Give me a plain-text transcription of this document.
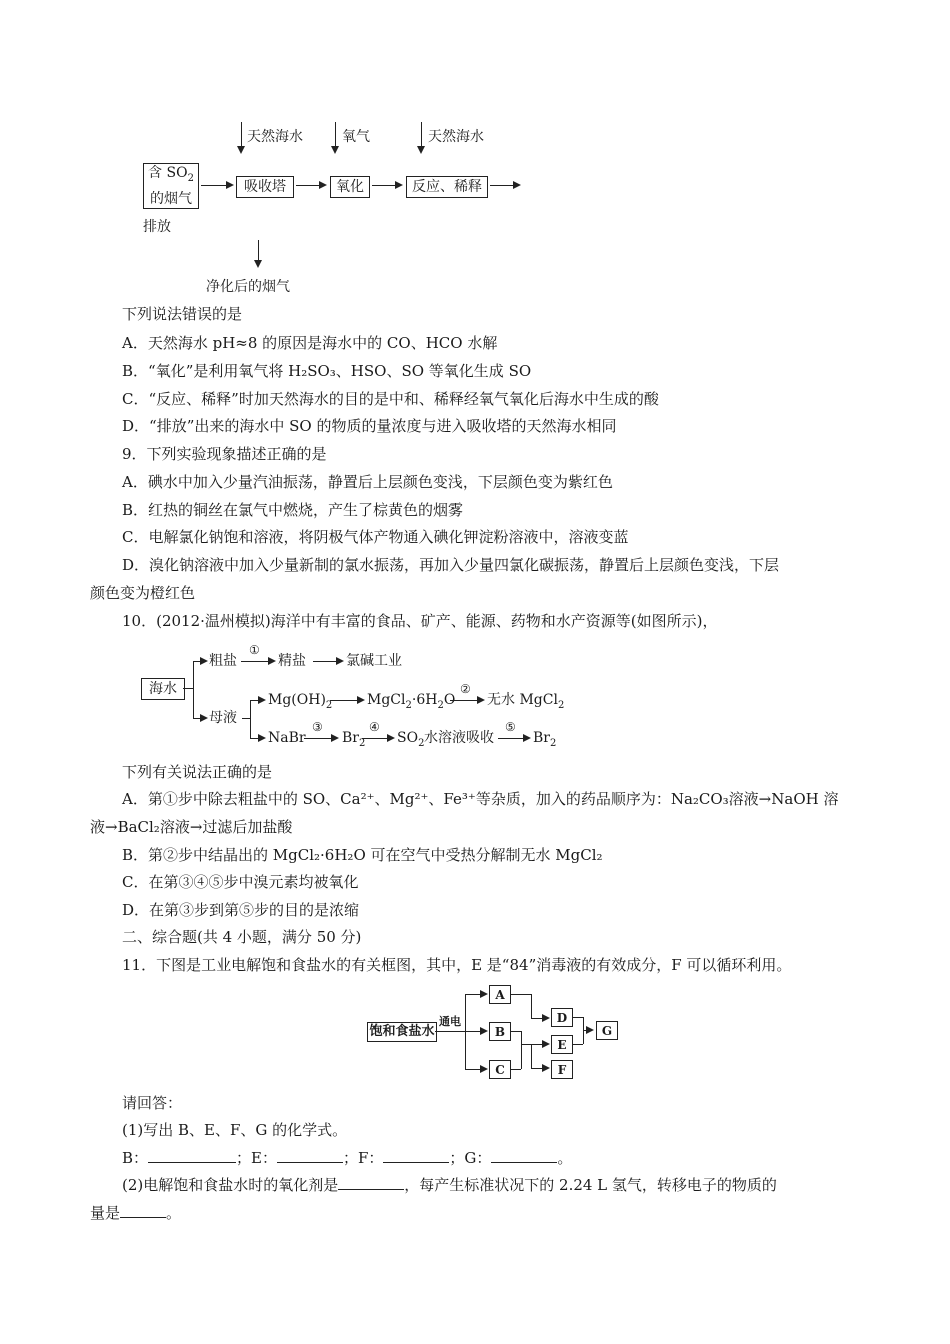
天然海水	氧气	天然海水
含 $SO_2$
的烟气
排放
吸收塔	氧化	反应、稀释
净化后的烟气
下列说法错误的是
A．天然海水 pH≈8 的原因是海水中的 CO、HCO 水解
B．“氧化”是利用氧气将 H₂SO₃、HSO、SO 等氧化生成 SO
C．“反应、稀释”时加天然海水的目的是中和、稀释经氧气氧化后海水中生成的酸
D．“排放”出来的海水中 SO 的物质的量浓度与进入吸收塔的天然海水相同
9．下列实验现象描述正确的是
A．碘水中加入少量汽油振荡，静置后上层颜色变浅，下层颜色变为紫红色
B．红热的铜丝在氯气中燃烧，产生了棕黄色的烟雾
C．电解氯化钠饱和溶液，将阴极气体产物通入碘化钾淀粉溶液中，溶液变蓝
D．溴化钠溶液中加入少量新制的氯水振荡，再加入少量四氯化碳振荡，静置后上层颜色变浅，下层
颜色变为橙红色
10．(2012·温州模拟)海洋中有丰富的食品、矿产、能源、药物和水产资源等(如图所示)，
海水
粗盐
①
精盐	氯碱工业
母液
$Mg(OH)_2$ $MgCl_2\cdot 6H_2O$
②
无水 MgCl$_2$
NaBr
③
$Br_2$
④
$SO_2$ 水溶液吸收
⑤
$Br_2$
下列有关说法正确的是
A．第①步中除去粗盐中的 SO、Ca²⁺、Mg²⁺、Fe³⁺等杂质，加入的药品顺序为：Na₂CO₃溶液→NaOH 溶
液→BaCl₂溶液→过滤后加盐酸
B．第②步中结晶出的 MgCl₂·6H₂O 可在空气中受热分解制无水 MgCl₂
C．在第③④⑤步中溴元素均被氧化
D．在第③步到第⑤步的目的是浓缩
二、综合题(共 4 小题，满分 50 分)
11．下图是工业电解饱和食盐水的有关框图，其中，E 是“84”消毒液的有效成分，F 可以循环利用。
饱和食盐水
通电
A
B
C
D
E
F
G
请回答：
(1)写出 B、E、F、G 的化学式。
B：	；E：	；F：	；G：	。
(2)电解饱和食盐水时的氧化剂是	，每产生标准状况下的 2.24 L 氢气，转移电子的物质的
量是	。
